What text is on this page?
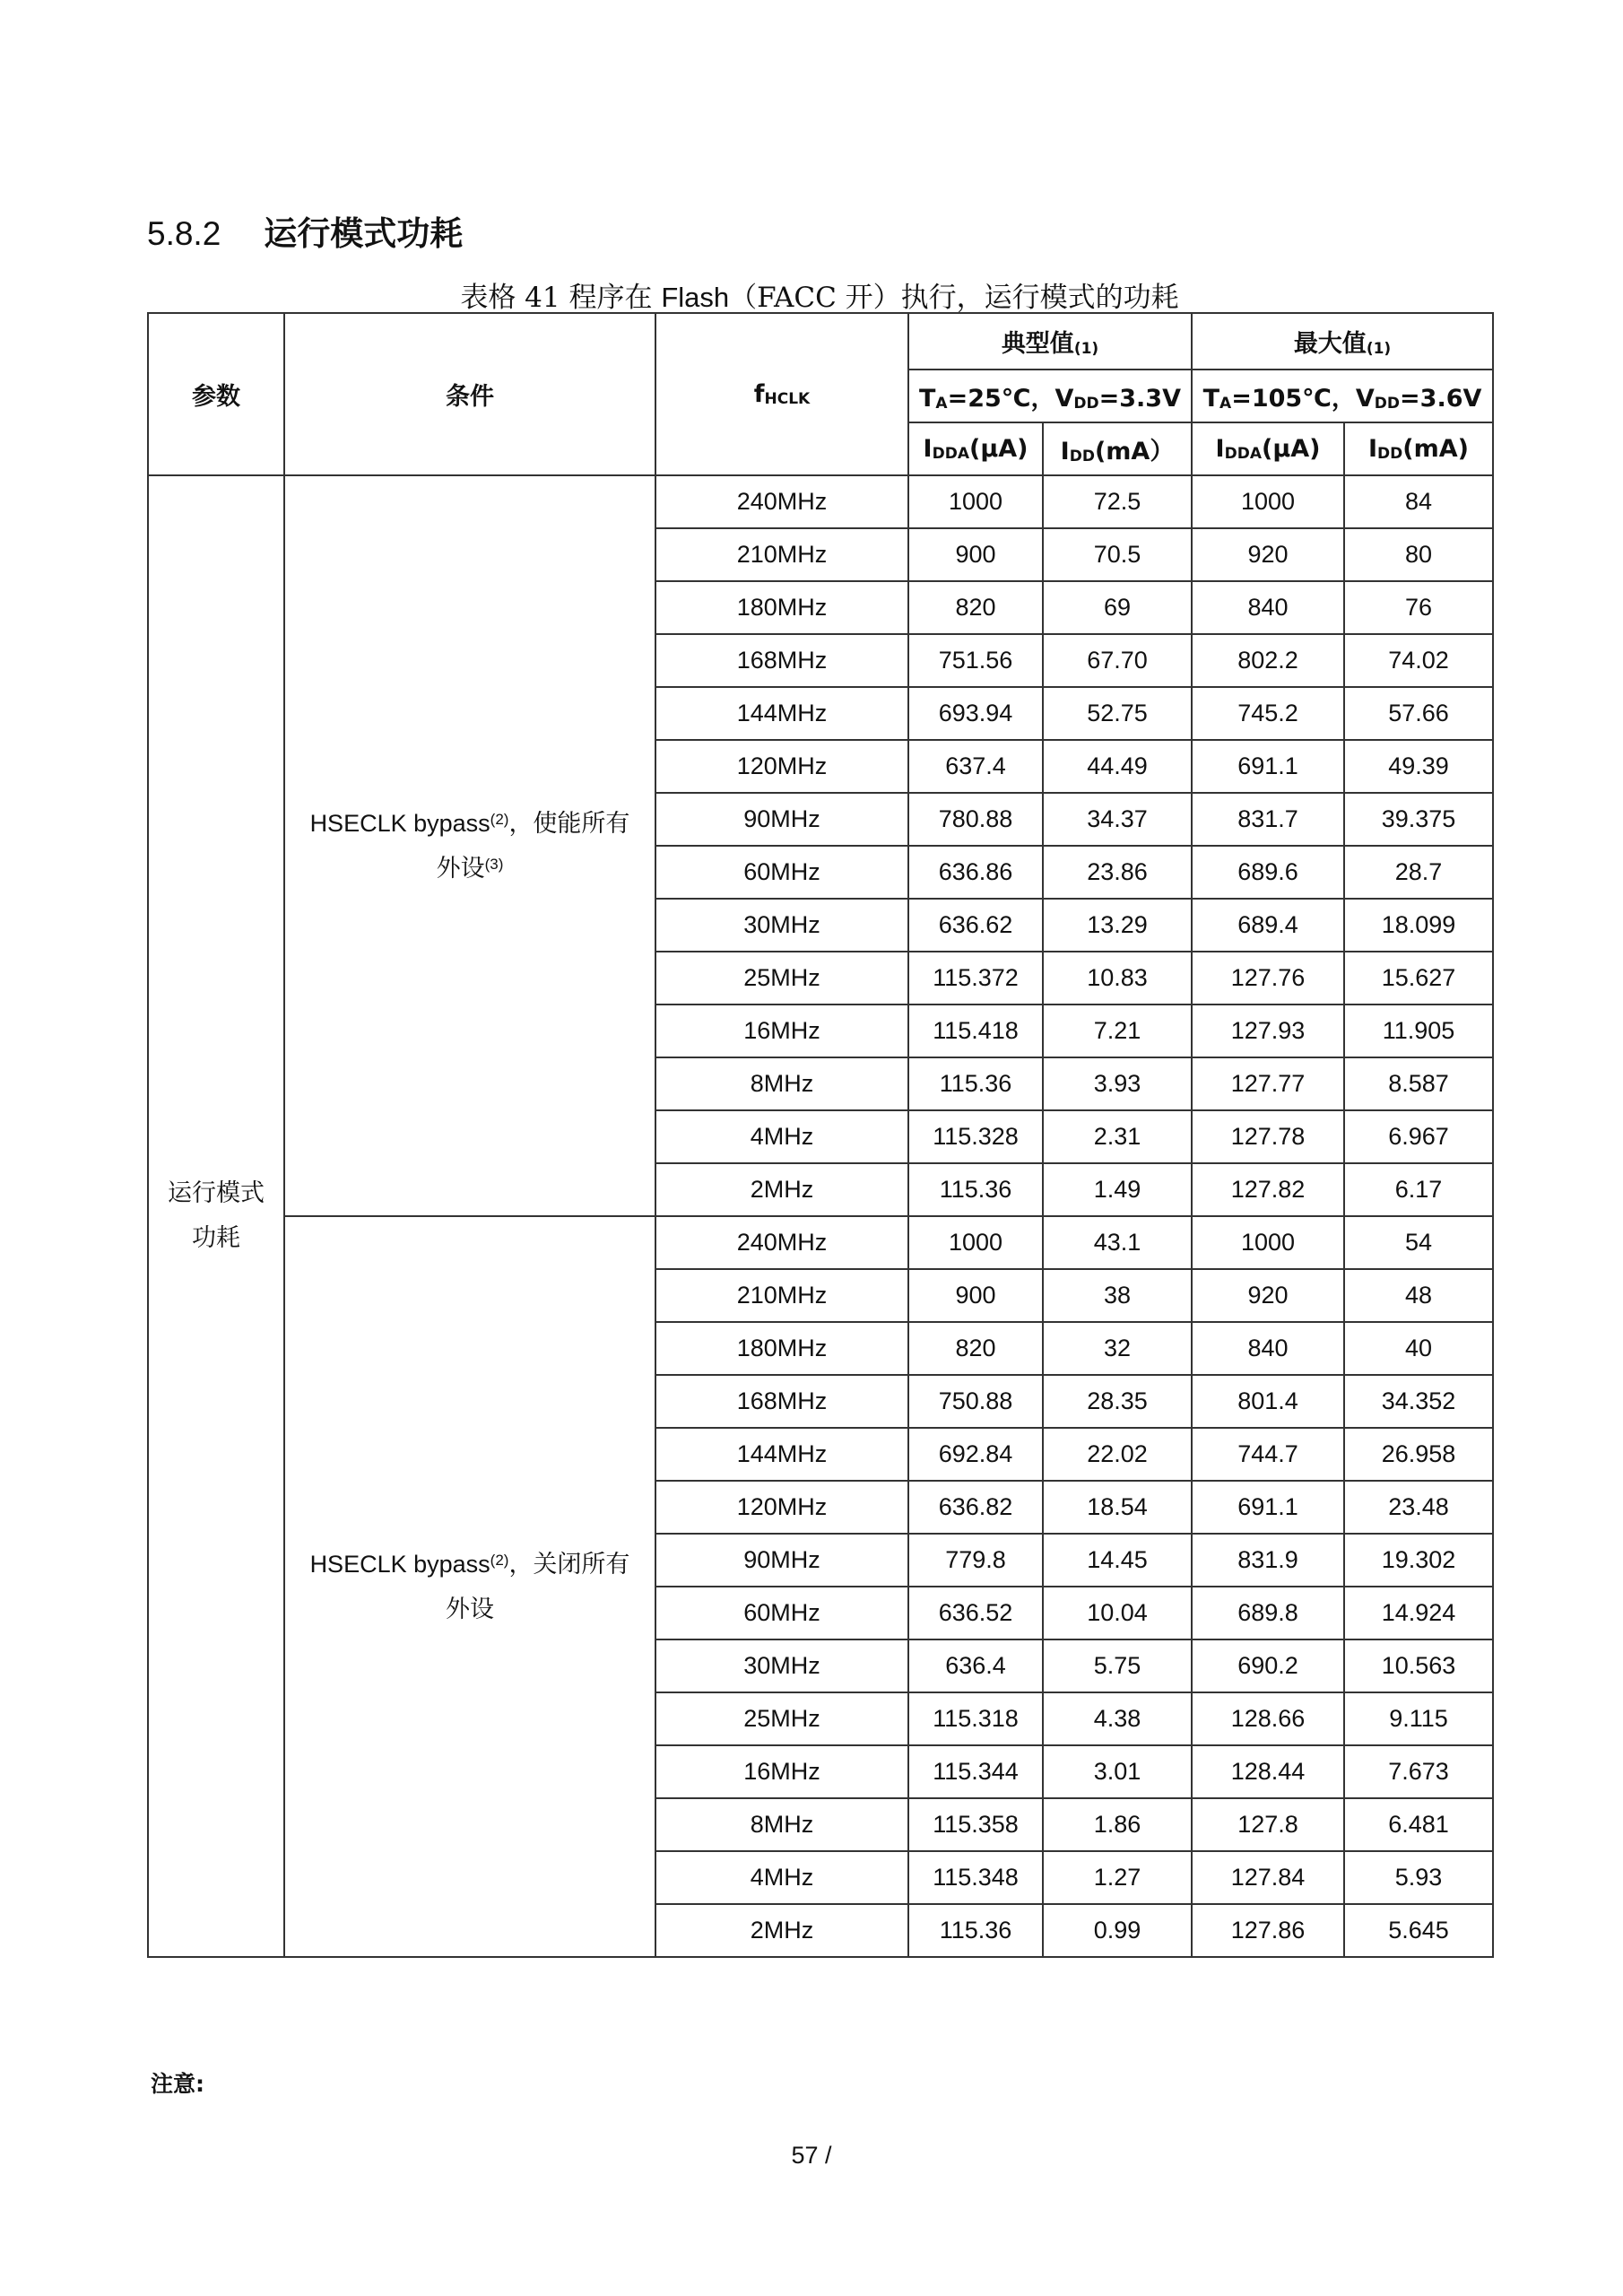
5.8.2 运行模式功耗
表格 41 程序在 Flash（FACC 开）执行，运行模式的功耗
参数	条件	$f_{HCLK}$	典型值$_{(1)}$		最大值$_{(1)}$
			$T_A=25℃$，$V_{DD}=3.3V$		$T_A=105℃$，$V_{DD}=3.6V$	
			$I_{DDA}(\mu A)$	$I_{DD}(mA)$	$I_{DDA}(\mu A)$	$I_{DD}(mA)$
运行模式功耗	HSECLK bypass$^{(2)}$，使能所有外设$^{(3)}$	240MHz	1000	72.5	1000	84
		210MHz	900	70.5	920	80
		180MHz	820	69	840	76
		168MHz	751.56	67.70	802.2	74.02
		144MHz	693.94	52.75	745.2	57.66
		120MHz	637.4	44.49	691.1	49.39
		90MHz	780.88	34.37	831.7	39.375
		60MHz	636.86	23.86	689.6	28.7
		30MHz	636.62	13.29	689.4	18.099
		25MHz	115.372	10.83	127.76	15.627
		16MHz	115.418	7.21	127.93	11.905
		8MHz	115.36	3.93	127.77	8.587
		4MHz	115.328	2.31	127.78	6.967
		2MHz	115.36	1.49	127.82	6.17
	HSECLK bypass$^{(2)}$，关闭所有外设	240MHz	1000	43.1	1000	54
		210MHz	900	38	920	48
		180MHz	820	32	840	40
		168MHz	750.88	28.35	801.4	34.352
		144MHz	692.84	22.02	744.7	26.958
		120MHz	636.82	18.54	691.1	23.48
		90MHz	779.8	14.45	831.9	19.302
		60MHz	636.52	10.04	689.8	14.924
		30MHz	636.4	5.75	690.2	10.563
		25MHz	115.318	4.38	128.66	9.115
		16MHz	115.344	3.01	128.44	7.673
		8MHz	115.358	1.86	127.8	6.481
		4MHz	115.348	1.27	127.84	5.93
		2MHz	115.36	0.99	127.86	5.645
注意:
57 /
